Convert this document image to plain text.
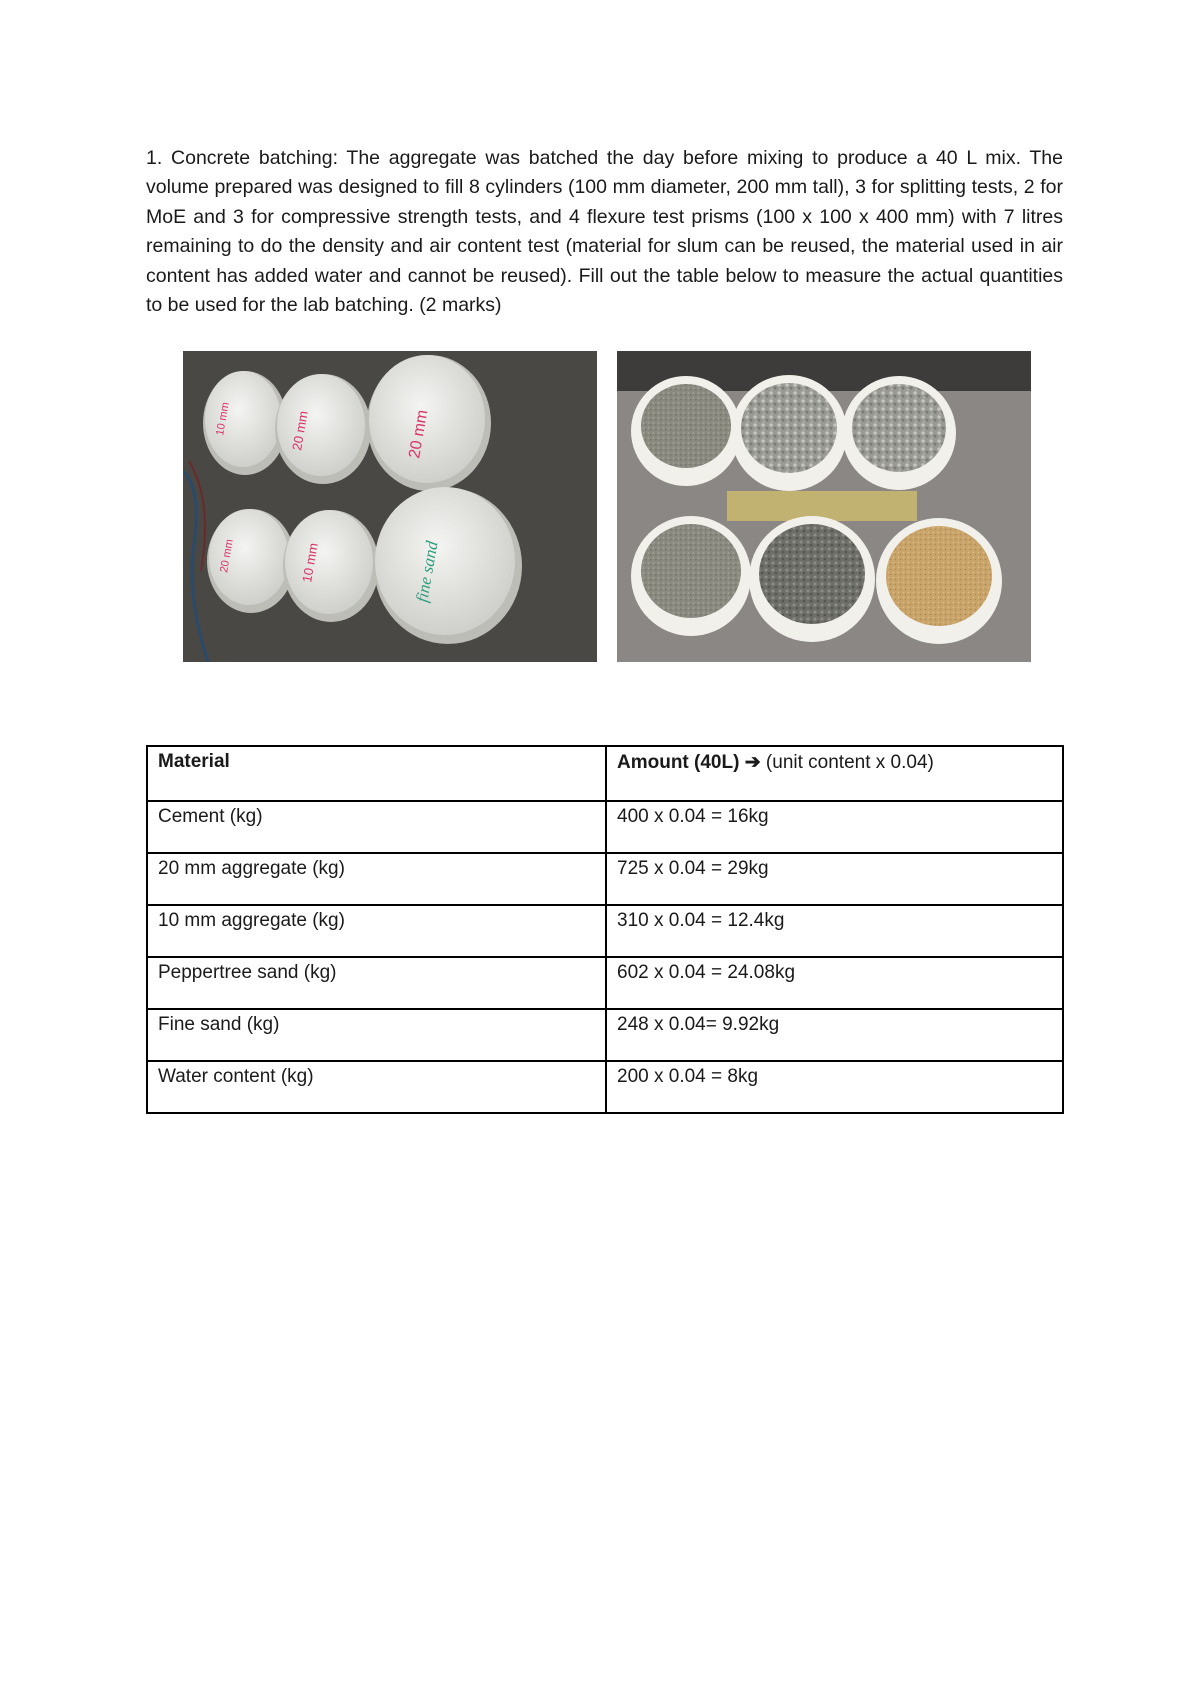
1. Concrete batching: The aggregate was batched the day before mixing to produce a 40 L mix. The volume prepared was designed to fill 8 cylinders (100 mm diameter, 200 mm tall), 3 for splitting tests, 2 for MoE and 3 for compressive strength tests, and 4 flexure test prisms (100 x 100 x 400 mm) with 7 litres remaining to do the density and air content test (material for slum can be reused, the material used in air content has added water and cannot be reused). Fill out the table below to measure the actual quantities to be used for the lab batching. (2 marks)

10 mm	20 mm	20 mm
20 mm	10 mm	fine sand
Material	Amount (40L) ➔ (unit content x 0.04)
Cement (kg)	400 x 0.04 = 16kg
20 mm aggregate (kg)	725 x 0.04 = 29kg
10 mm aggregate (kg)	310 x 0.04 = 12.4kg
Peppertree sand (kg)	602 x 0.04 = 24.08kg
Fine sand (kg)	248 x 0.04= 9.92kg
Water content (kg)	200 x 0.04 = 8kg
